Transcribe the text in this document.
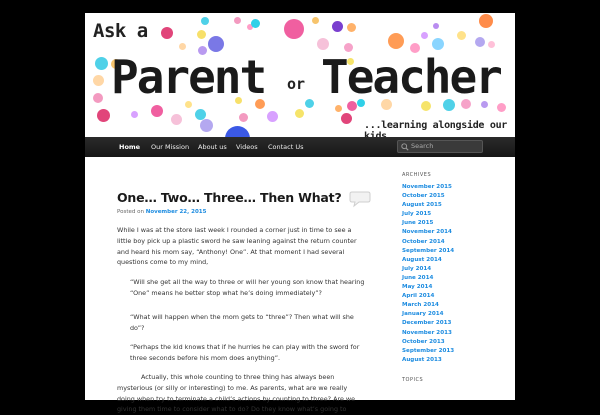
Ask a
Parent or Teacher
...learning alongside our
Home	Our Mission	About us	Videos	Contact Us	Search
One… Two… Three… Then What?
Posted on November 22, 2015
While I was at the store last week I rounded a corner just in time to see a little boy pick up a plastic sword he saw leaning against the return counter and heard his mom say, “Anthony! One”. At that moment I had several questions come to my mind,
“Will she get all the way to three or will her young son know that hearing “One” means he better stop what he’s doing immediately”?
“What will happen when the mom gets to “three”? Then what will she do”?
“Perhaps the kid knows that if he hurries he can play with the sword for three seconds before his mom does anything”.
Actually, this whole counting to three thing has always been mysterious (or silly or interesting) to me. As parents, what are we really doing when try to terminate a child’s actions by counting to three? Are we giving them time to consider what to do? Do they know what’s going to
ARCHIVES
November 2015
October 2015
August 2015
July 2015
June 2015
November 2014
October 2014
September 2014
August 2014
July 2014
June 2014
May 2014
April 2014
March 2014
January 2014
December 2013
November 2013
October 2013
September 2013
August 2013
TOPICS
